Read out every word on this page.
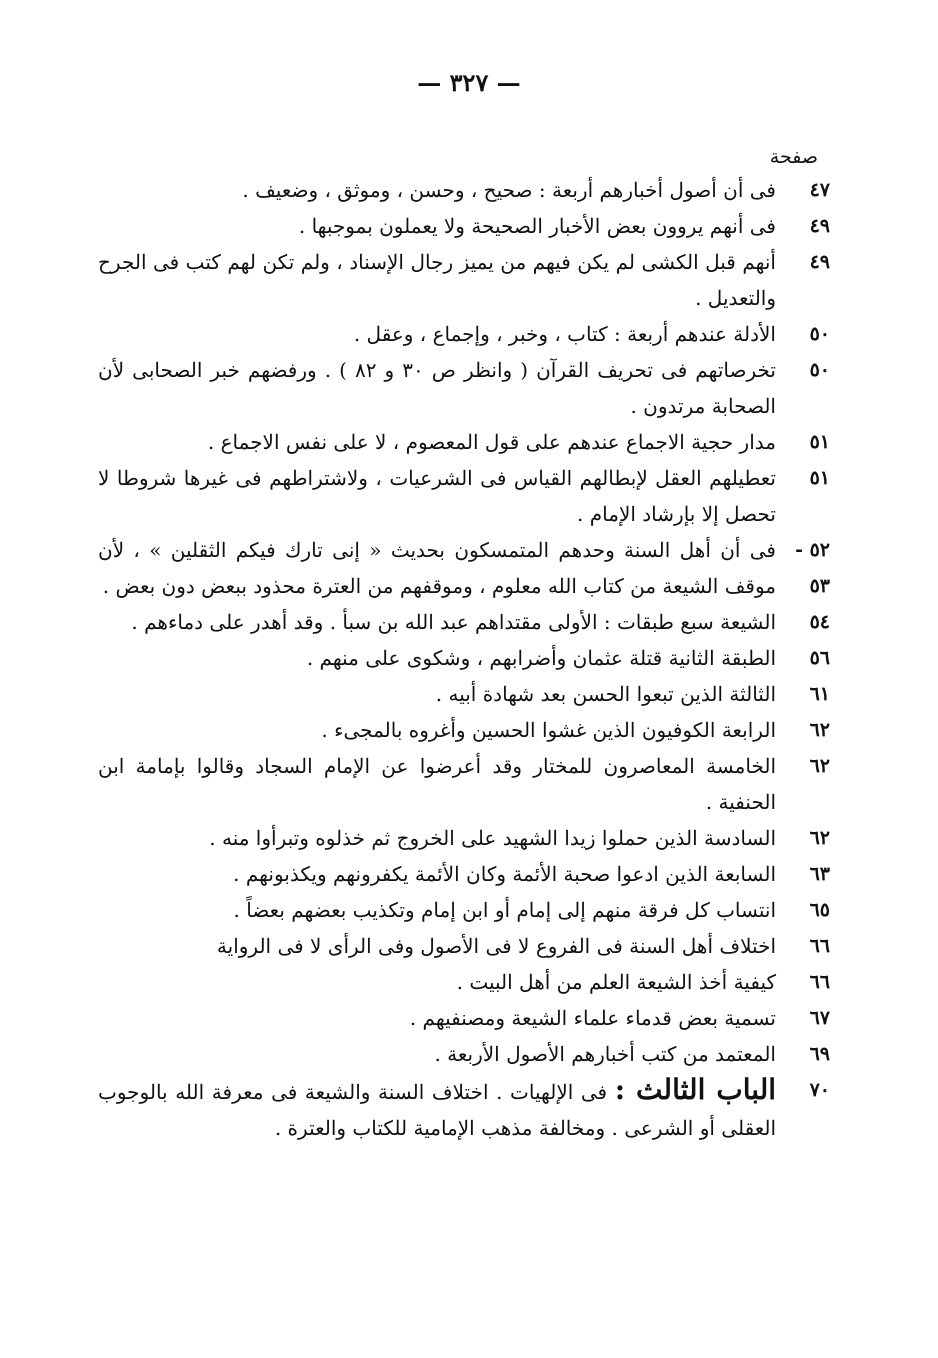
— ٣٢٧ —
صفحة
٤٧
فى أن أصول أخبارهم أربعة : صحيح ، وحسن ، وموثق ، وضعيف .
٤٩
فى أنهم يروون بعض الأخبار الصحيحة ولا يعملون بموجبها .
٤٩
أنهم قبل الكشى لم يكن فيهم من يميز رجال الإسناد ، ولم تكن لهم كتب فى الجرح والتعديل .
٥٠
الأدلة عندهم أربعة : كتاب ، وخبر ، وإجماع ، وعقل .
٥٠
تخرصاتهم فى تحريف القرآن ( وانظر ص ٣٠ و ٨٢ ) . ورفضهم خبر الصحابى لأن الصحابة مرتدون .
٥١
مدار حجية الاجماع عندهم على قول المعصوم ، لا على نفس الاجماع .
٥١
تعطيلهم العقل لإبطالهم القياس فى الشرعيات ، ولاشتراطهم فى غيرها شروطا لا تحصل إلا بإرشاد الإمام .
٥٢ - ٥٣
فى أن أهل السنة وحدهم المتمسكون بحديث « إنى تارك فيكم الثقلين » ، لأن موقف الشيعة من كتاب الله معلوم ، وموقفهم من العترة محذود ببعض دون بعض .
٥٤
الشيعة سبع طبقات : الأولى مقتداهم عبد الله بن سبأ . وقد أهدر على دماءهم .
٥٦
الطبقة الثانية قتلة عثمان وأضرابهم ، وشكوى على منهم .
٦١
الثالثة الذين تبعوا الحسن بعد شهادة أبيه .
٦٢
الرابعة الكوفيون الذين غشوا الحسين وأغروه بالمجىء .
٦٢
الخامسة المعاصرون للمختار وقد أعرضوا عن الإمام السجاد وقالوا بإمامة ابن الحنفية .
٦٢
السادسة الذين حملوا زيدا الشهيد على الخروج ثم خذلوه وتبرأوا منه .
٦٣
السابعة الذين ادعوا صحبة الأئمة وكان الأئمة يكفرونهم ويكذبونهم .
٦٥
انتساب كل فرقة منهم إلى إمام أو ابن إمام وتكذيب بعضهم بعضاً .
٦٦
اختلاف أهل السنة فى الفروع لا فى الأصول وفى الرأى لا فى الرواية
٦٦
كيفية أخذ الشيعة العلم من أهل البيت .
٦٧
تسمية بعض قدماء علماء الشيعة ومصنفيهم .
٦٩
المعتمد من كتب أخبارهم الأصول الأربعة .
٧٠
الباب الثالث : فى الإلهيات . اختلاف السنة والشيعة فى معرفة الله بالوجوب العقلى أو الشرعى . ومخالفة مذهب الإمامية للكتاب والعترة .
